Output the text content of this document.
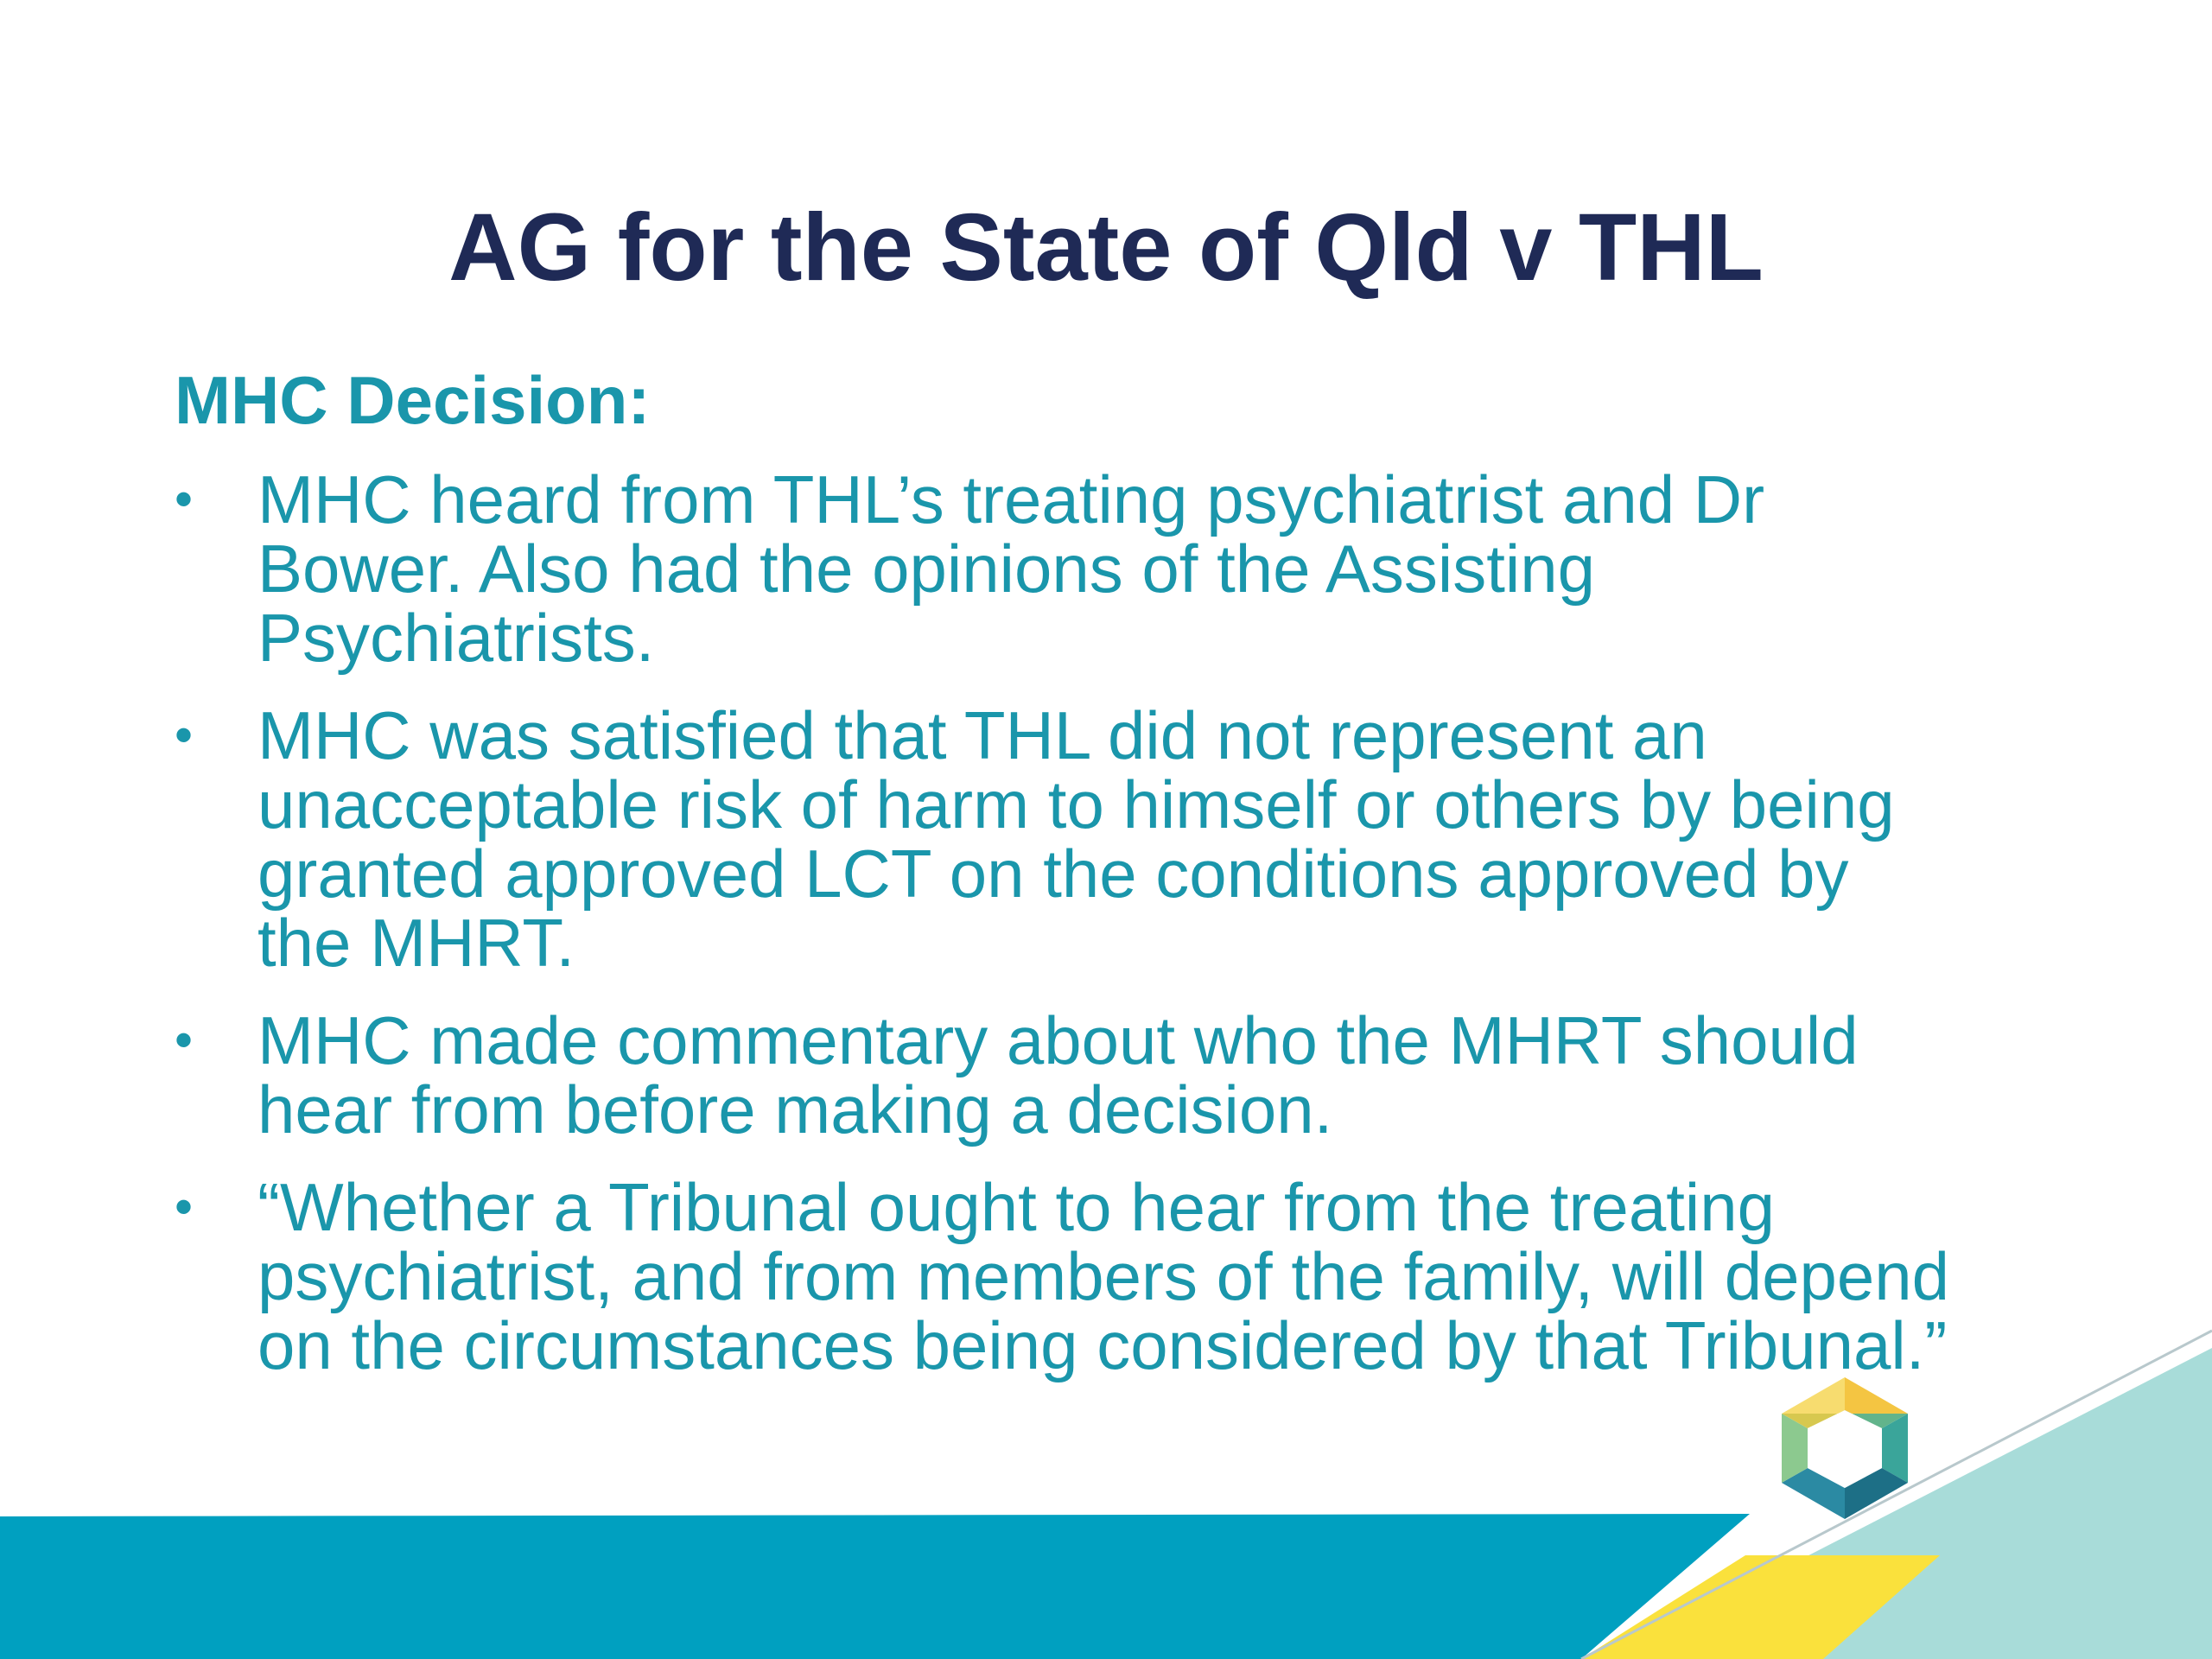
AG for the State of Qld v THL
MHC Decision:
• MHC heard from THL’s treating psychiatrist and Dr
Bower. Also had the opinions of the Assisting
Psychiatrists.
• MHC was satisfied that THL did not represent an
unacceptable risk of harm to himself or others by being
granted approved LCT on the conditions approved by
the MHRT.
• MHC made commentary about who the MHRT should
hear from before making a decision.
• “Whether a Tribunal ought to hear from the treating
psychiatrist, and from members of the family, will depend
on the circumstances being considered by that Tribunal.”
